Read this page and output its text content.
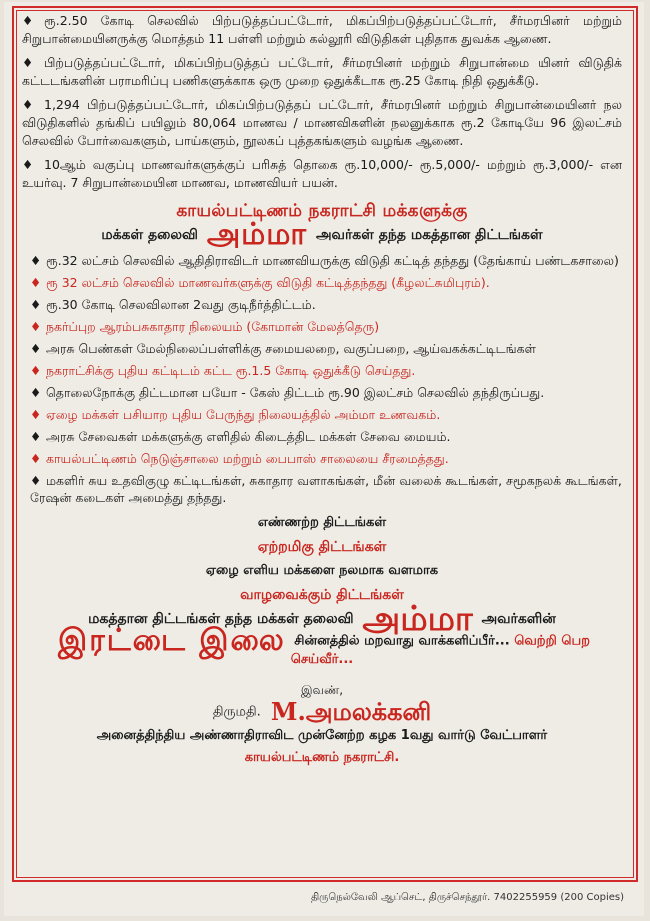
♦ ரூ.2.50 கோடி செலவில் பிற்படுத்தப்பட்டோர், மிகப்பிற்படுத்தப்பட்டோர், சீர்மரபினர் மற்றும் சிறுபான்மையினருக்கு மொத்தம் 11 பள்ளி மற்றும் கல்லூரி விடுதிகள் புதிதாக துவக்க ஆணை.

♦ பிற்படுத்தப்பட்டோர், மிகப்பிற்படுத்தப் பட்டோர், சீர்மரபினர் மற்றும் சிறுபான்மை யினர் விடுதிக் கட்டடங்களின் பராமரிப்பு பணிகளுக்காக ஒரு முறை ஒதுக்கீடாக ரூ.25 கோடி நிதி ஒதுக்கீடு.

♦ 1,294 பிற்படுத்தப்பட்டோர், மிகப்பிற்படுத்தப் பட்டோர், சீர்மரபினர் மற்றும் சிறுபான்மையினர் நல விடுதிகளில் தங்கிப் பயிலும் 80,064 மாணவ / மாணவிகளின் நலனுக்காக ரூ.2 கோடியே 96 இலட்சம் செலவில் போர்வைகளும், பாய்களும், நூலகப் புத்தகங்களும் வழங்க ஆணை.

♦ 10ஆம் வகுப்பு மாணவர்களுக்குப் பரிசுத் தொகை ரூ.10,000/- ரூ.5,000/- மற்றும் ரூ.3,000/- என உயர்வு. 7 சிறுபான்மையின மாணவ, மாணவியர் பயன்.

காயல்பட்டிணம் நகராட்சி மக்களுக்கு
மக்கள் தலைவி அம்மா அவர்கள் தந்த மகத்தான திட்டங்கள்
♦ ரூ.32 லட்சம் செலவில் ஆதிதிராவிடர் மாணவியருக்கு விடுதி கட்டித் தந்தது (தேங்காய் பண்டகசாலை)
♦ ரூ 32 லட்சம் செலவில் மாணவர்களுக்கு விடுதி கட்டித்தந்தது (கீழலட்சுமிபுரம்).
♦ ரூ.30 கோடி செலவிலான 2வது குடிநீர்த்திட்டம்.
♦ நகர்ப்புற ஆரம்பசுகாதார நிலையம் (கோமான் மேலத்தெரு)
♦ அரசு பெண்கள் மேல்நிலைப்பள்ளிக்கு சமையலறை, வகுப்பறை, ஆய்வகக்கட்டிடங்கள்
♦ நகராட்சிக்கு புதிய கட்டிடம் கட்ட ரூ.1.5 கோடி ஒதுக்கீடு செய்தது.
♦ தொலைநோக்கு திட்டமான பயோ - கேஸ் திட்டம் ரூ.90 இலட்சம் செலவில் தந்திருப்பது.
♦ ஏழை மக்கள் பசியாற புதிய பேருந்து நிலையத்தில் அம்மா உணவகம்.
♦ அரசு சேவைகள் மக்களுக்கு எளிதில் கிடைத்திட மக்கள் சேவை மையம்.
♦ காயல்பட்டிணம் நெடுஞ்சாலை மற்றும் பைபாஸ் சாலையை சீரமைத்தது.
♦ மகளிர் சுய உதவிகுழு கட்டிடங்கள், சுகாதார வளாகங்கள், மீன் வலைக் கூடங்கள், சமூகநலக் கூடங்கள், ரேஷன் கடைகள் அமைத்து தந்தது.
எண்ணற்ற திட்டங்கள்
ஏற்றமிகு திட்டங்கள்
ஏழை எளிய மக்களை நலமாக வளமாக
வாழவைக்கும் திட்டங்கள்
மகத்தான திட்டங்கள் தந்த மக்கள் தலைவி அம்மா அவர்களின்
இரட்டை இலை சின்னத்தில் மறவாது வாக்களிப்பீர்... வெற்றி பெற செய்வீர்...
இவண்,
திருமதி. M.அமலக்கனி
அனைத்திந்திய அண்ணாதிராவிட முன்னேற்ற கழக 1வது வார்டு வேட்பாளர்
காயல்பட்டிணம் நகராட்சி.
திருநெல்வேலி ஆப்செட், திருச்செந்தூர். 7402255959 (200 Copies)
